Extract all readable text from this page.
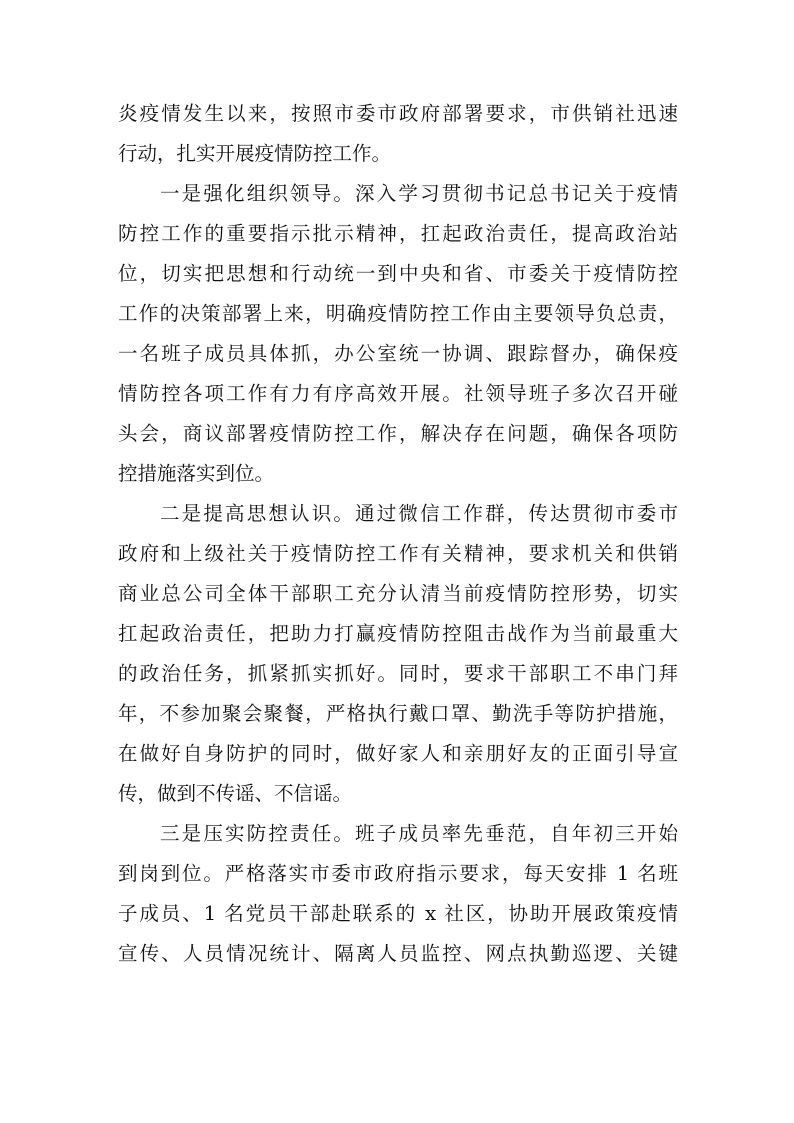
炎疫情发生以来，按照市委市政府部署要求，市供销社迅速
行动，扎实开展疫情防控工作。
一是强化组织领导。深入学习贯彻书记总书记关于疫情
防控工作的重要指示批示精神，扛起政治责任，提高政治站
位，切实把思想和行动统一到中央和省、市委关于疫情防控
工作的决策部署上来，明确疫情防控工作由主要领导负总责，
一名班子成员具体抓，办公室统一协调、跟踪督办，确保疫
情防控各项工作有力有序高效开展。社领导班子多次召开碰
头会，商议部署疫情防控工作，解决存在问题，确保各项防
控措施落实到位。
二是提高思想认识。通过微信工作群，传达贯彻市委市
政府和上级社关于疫情防控工作有关精神，要求机关和供销
商业总公司全体干部职工充分认清当前疫情防控形势，切实
扛起政治责任，把助力打赢疫情防控阻击战作为当前最重大
的政治任务，抓紧抓实抓好。同时，要求干部职工不串门拜
年，不参加聚会聚餐，严格执行戴口罩、勤洗手等防护措施，
在做好自身防护的同时，做好家人和亲朋好友的正面引导宣
传，做到不传谣、不信谣。
三是压实防控责任。班子成员率先垂范，自年初三开始
到岗到位。严格落实市委市政府指示要求，每天安排 1 名班
子成员、1 名党员干部赴联系的 x 社区，协助开展政策疫情
宣传、人员情况统计、隔离人员监控、网点执勤巡逻、关键
